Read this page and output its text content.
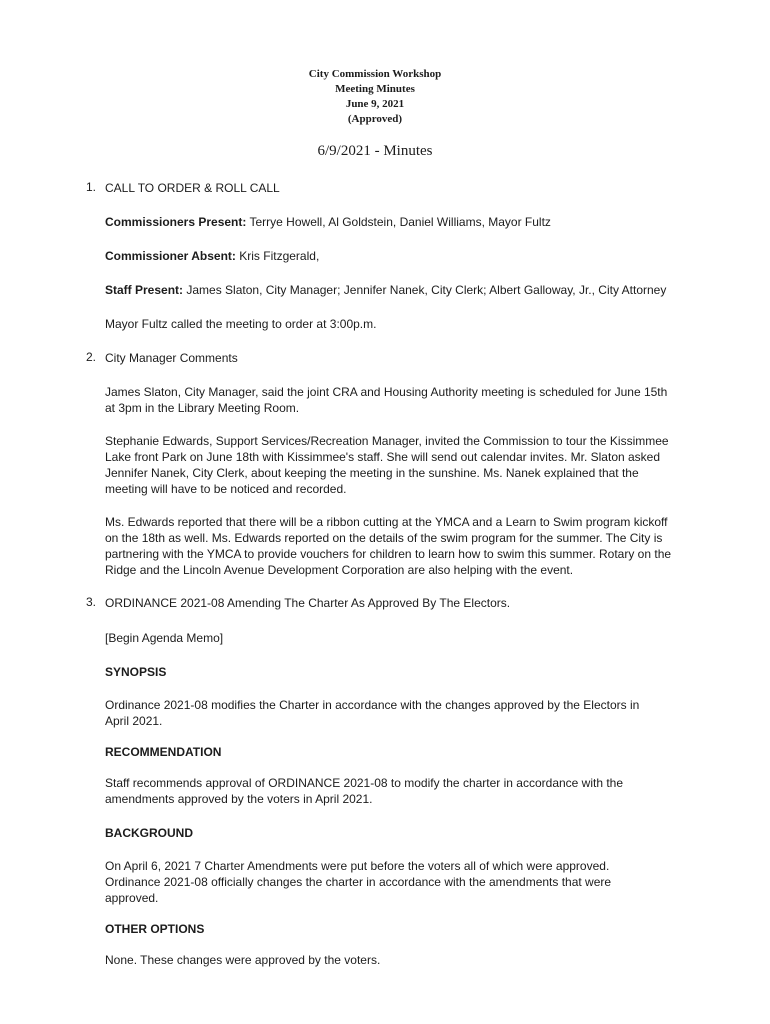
City Commission Workshop
Meeting Minutes
June 9, 2021
(Approved)
6/9/2021 - Minutes
1. CALL TO ORDER & ROLL CALL
Commissioners Present: Terrye Howell, Al Goldstein, Daniel Williams, Mayor Fultz
Commissioner Absent: Kris Fitzgerald,
Staff Present: James Slaton, City Manager; Jennifer Nanek, City Clerk; Albert Galloway, Jr., City Attorney
Mayor Fultz called the meeting to order at 3:00p.m.
2. City Manager Comments
James Slaton, City Manager, said the joint CRA and Housing Authority meeting is scheduled for June 15th
at 3pm in the Library Meeting Room.
Stephanie Edwards, Support Services/Recreation Manager, invited the Commission to tour the Kissimmee
Lake front Park on June 18th with Kissimmee's staff. She will send out calendar invites. Mr. Slaton asked
Jennifer Nanek, City Clerk, about keeping the meeting in the sunshine. Ms. Nanek explained that the
meeting will have to be noticed and recorded.
Ms. Edwards reported that there will be a ribbon cutting at the YMCA and a Learn to Swim program kickoff
on the 18th as well. Ms. Edwards reported on the details of the swim program for the summer. The City is
partnering with the YMCA to provide vouchers for children to learn how to swim this summer. Rotary on the
Ridge and the Lincoln Avenue Development Corporation are also helping with the event.
3. ORDINANCE 2021-08 Amending The Charter As Approved By The Electors.
[Begin Agenda Memo]
SYNOPSIS
Ordinance 2021-08 modifies the Charter in accordance with the changes approved by the Electors in
April 2021.
RECOMMENDATION
Staff recommends approval of ORDINANCE 2021-08 to modify the charter in accordance with the
amendments approved by the voters in April 2021.
BACKGROUND
On April 6, 2021 7 Charter Amendments were put before the voters all of which were approved.
Ordinance 2021-08 officially changes the charter in accordance with the amendments that were
approved.
OTHER OPTIONS
None. These changes were approved by the voters.
